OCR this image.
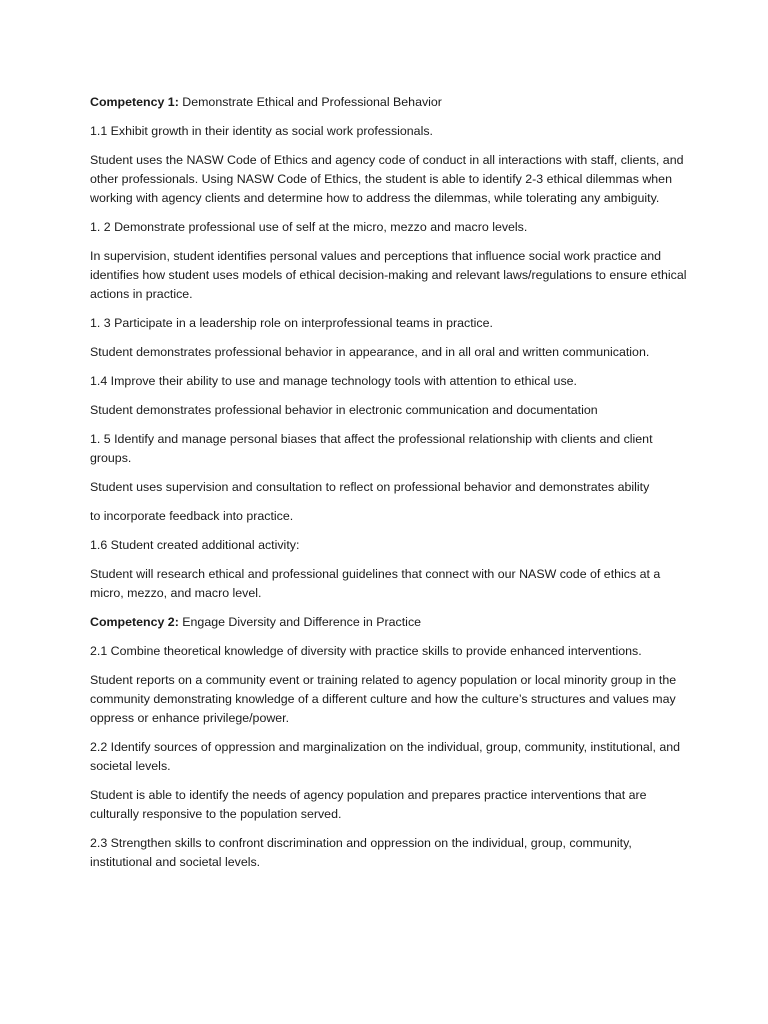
Competency 1: Demonstrate Ethical and Professional Behavior

1.1 Exhibit growth in their identity as social work professionals.

Student uses the NASW Code of Ethics and agency code of conduct in all interactions with staff, clients, and other professionals. Using NASW Code of Ethics, the student is able to identify 2-3 ethical dilemmas when working with agency clients and determine how to address the dilemmas, while tolerating any ambiguity.

1. 2 Demonstrate professional use of self at the micro, mezzo and macro levels.

In supervision, student identifies personal values and perceptions that influence social work practice and identifies how student uses models of ethical decision-making and relevant laws/regulations to ensure ethical actions in practice.

1. 3 Participate in a leadership role on interprofessional teams in practice.

Student demonstrates professional behavior in appearance, and in all oral and written communication.

1.4 Improve their ability to use and manage technology tools with attention to ethical use.

Student demonstrates professional behavior in electronic communication and documentation

1. 5 Identify and manage personal biases that affect the professional relationship with clients and client groups.

Student uses supervision and consultation to reflect on professional behavior and demonstrates ability

to incorporate feedback into practice.

1.6 Student created additional activity:

Student will research ethical and professional guidelines that connect with our NASW code of ethics at a micro, mezzo, and macro level.

Competency 2: Engage Diversity and Difference in Practice

2.1 Combine theoretical knowledge of diversity with practice skills to provide enhanced interventions.

Student reports on a community event or training related to agency population or local minority group in the community demonstrating knowledge of a different culture and how the culture’s structures and values may oppress or enhance privilege/power.

2.2 Identify sources of oppression and marginalization on the individual, group, community, institutional, and societal levels.

Student is able to identify the needs of agency population and prepares practice interventions that are culturally responsive to the population served.

2.3 Strengthen skills to confront discrimination and oppression on the individual, group, community, institutional and societal levels.
